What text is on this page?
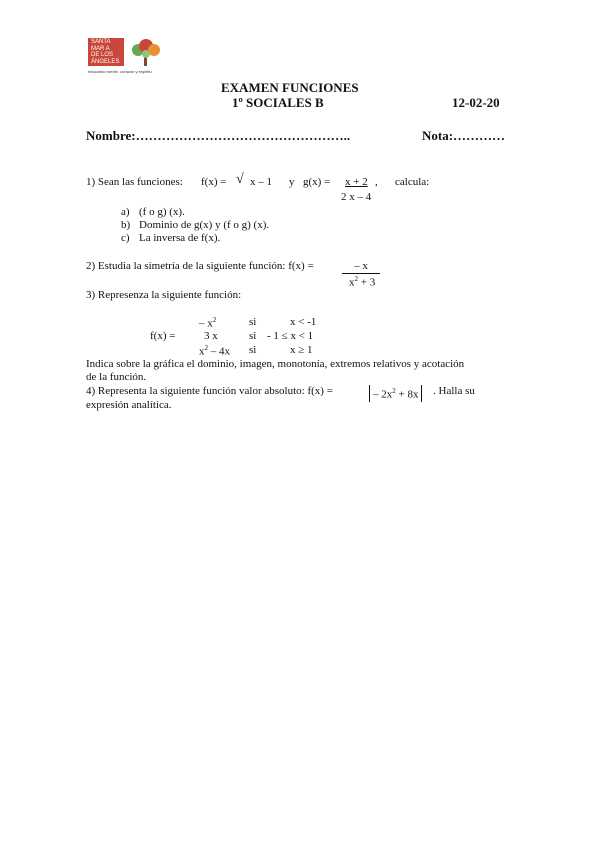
SANTA
MAR A
DE LOS
ÁNGELES
educando mente, corazón y espíritu
EXAMEN FUNCIONES
1º SOCIALES B	12-02-20
Nombre:…………………………………………..	Nota:…………
1) Sean las funciones: f(x) = √ x – 1 y g(x) = x + 2 ,
2 x – 4
calcula:
a) (f o g) (x).
b) Dominio de g(x) y (f o g) (x).
c) La inversa de f(x).
2) Estudia la simetría de la siguiente función: f(x) =	– x
$x^2 + 3$
3) Represenza la siguiente función:
f(x) =
– $x^2$	si	x < -1
3 x	si - 1 ≤ x < 1
$x^2 - 4x$ si	x ≥ 1
Indica sobre la gráfica el dominio, imagen, monotonía, extremos relativos y acotación
de la función.
4) Representa la siguiente función valor absoluto: f(x) =	– $2x^2 + 8x$	. Halla su
expresión analítica.
